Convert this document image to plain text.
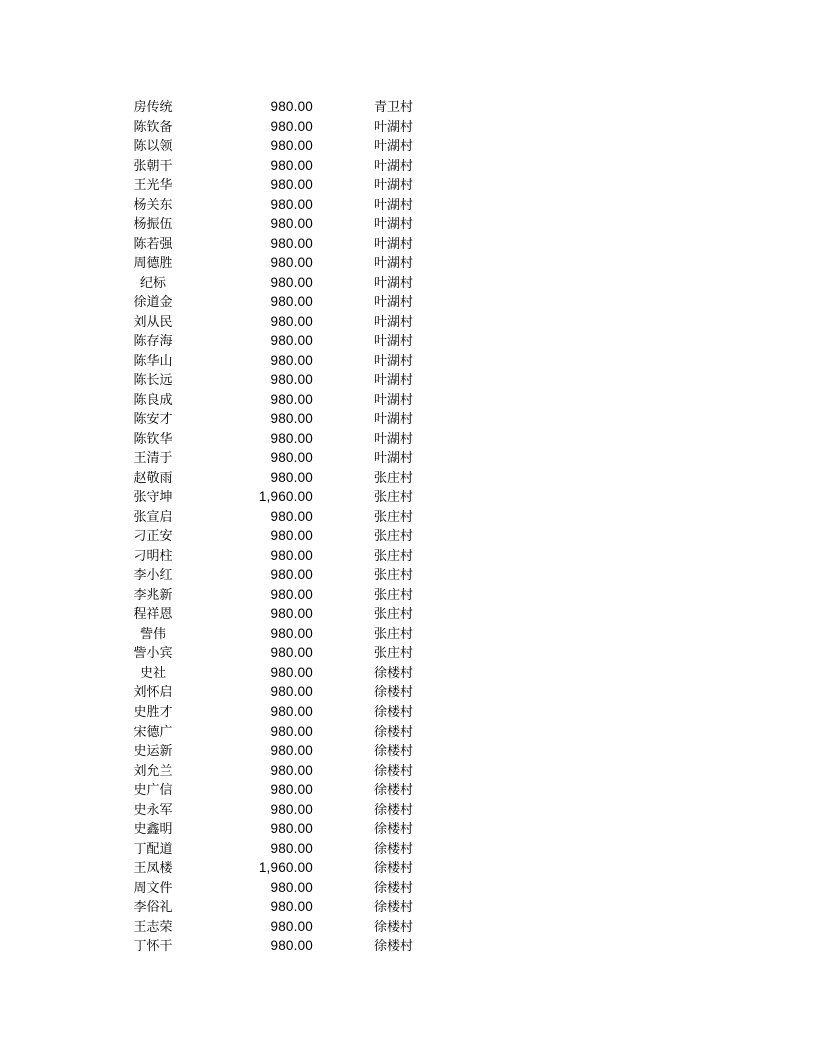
房传统	980.00	青卫村
陈钦备	980.00	叶湖村
陈以领	980.00	叶湖村
张朝干	980.00	叶湖村
王光华	980.00	叶湖村
杨关东	980.00	叶湖村
杨振伍	980.00	叶湖村
陈若强	980.00	叶湖村
周德胜	980.00	叶湖村
纪标	980.00	叶湖村
徐道金	980.00	叶湖村
刘从民	980.00	叶湖村
陈存海	980.00	叶湖村
陈华山	980.00	叶湖村
陈长远	980.00	叶湖村
陈良成	980.00	叶湖村
陈安才	980.00	叶湖村
陈钦华	980.00	叶湖村
王清于	980.00	叶湖村
赵敬雨	980.00	张庄村
张守坤	1,960.00	张庄村
张宣启	980.00	张庄村
刁正安	980.00	张庄村
刁明柱	980.00	张庄村
李小红	980.00	张庄村
李兆新	980.00	张庄村
程祥恩	980.00	张庄村
訾伟	980.00	张庄村
訾小宾	980.00	张庄村
史社	980.00	徐楼村
刘怀启	980.00	徐楼村
史胜才	980.00	徐楼村
宋德广	980.00	徐楼村
史运新	980.00	徐楼村
刘允兰	980.00	徐楼村
史广信	980.00	徐楼村
史永军	980.00	徐楼村
史鑫明	980.00	徐楼村
丁配道	980.00	徐楼村
王凤楼	1,960.00	徐楼村
周文件	980.00	徐楼村
李俗礼	980.00	徐楼村
王志荣	980.00	徐楼村
丁怀干	980.00	徐楼村
